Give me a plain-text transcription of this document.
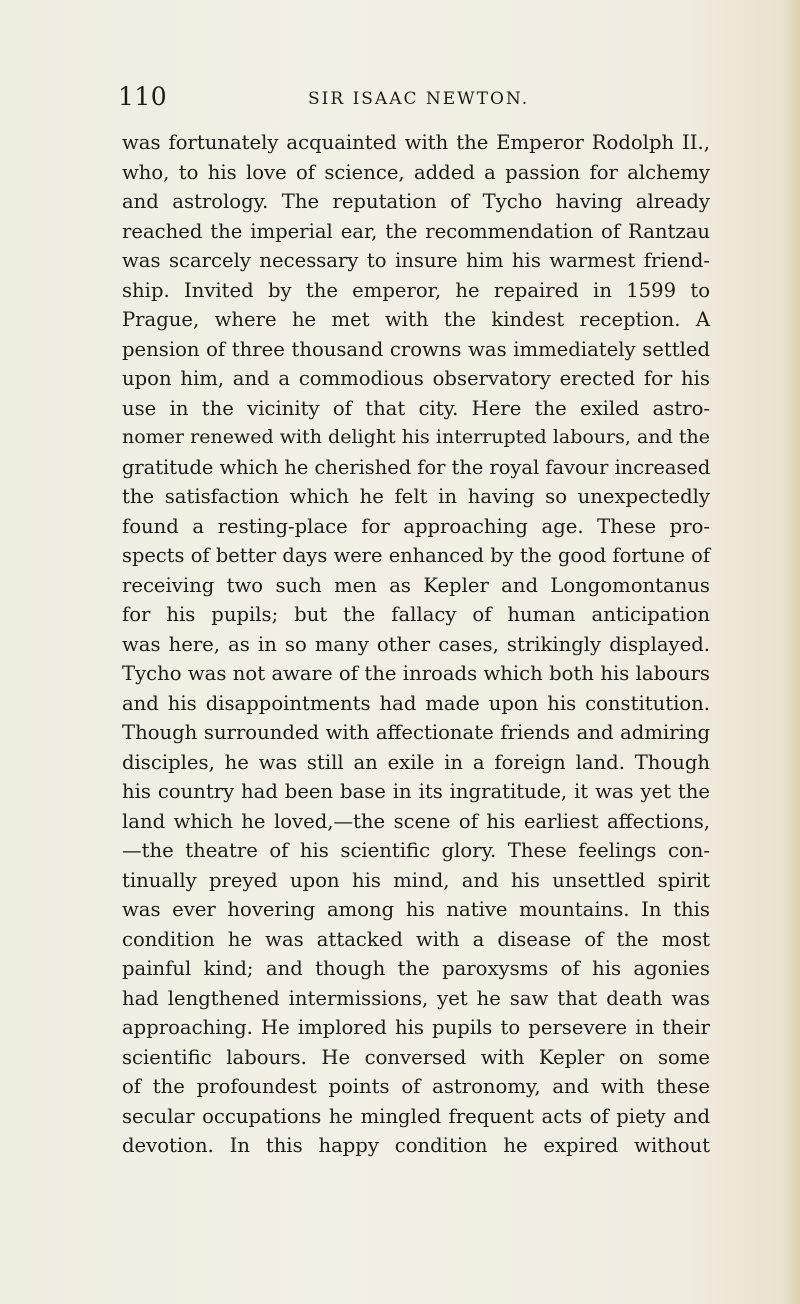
110	SIR ISAAC NEWTON.
was fortunately acquainted with the Emperor Rodolph II.,
who, to his love of science, added a passion for alchemy
and astrology. The reputation of Tycho having already
reached the imperial ear, the recommendation of Rantzau
was scarcely necessary to insure him his warmest friend-
ship. Invited by the emperor, he repaired in 1599 to
Prague, where he met with the kindest reception. A
pension of three thousand crowns was immediately settled
upon him, and a commodious observatory erected for his
use in the vicinity of that city. Here the exiled astro-
nomer renewed with delight his interrupted labours, and the
gratitude which he cherished for the royal favour increased
the satisfaction which he felt in having so unexpectedly
found a resting-place for approaching age. These pro-
spects of better days were enhanced by the good fortune of
receiving two such men as Kepler and Longomontanus
for his pupils; but the fallacy of human anticipation
was here, as in so many other cases, strikingly displayed.
Tycho was not aware of the inroads which both his labours
and his disappointments had made upon his constitution.
Though surrounded with affectionate friends and admiring
disciples, he was still an exile in a foreign land. Though
his country had been base in its ingratitude, it was yet the
land which he loved,—the scene of his earliest affections,
—the theatre of his scientific glory. These feelings con-
tinually preyed upon his mind, and his unsettled spirit
was ever hovering among his native mountains. In this
condition he was attacked with a disease of the most
painful kind; and though the paroxysms of his agonies
had lengthened intermissions, yet he saw that death was
approaching. He implored his pupils to persevere in their
scientific labours. He conversed with Kepler on some
of the profoundest points of astronomy, and with these
secular occupations he mingled frequent acts of piety and
devotion. In this happy condition he expired without
